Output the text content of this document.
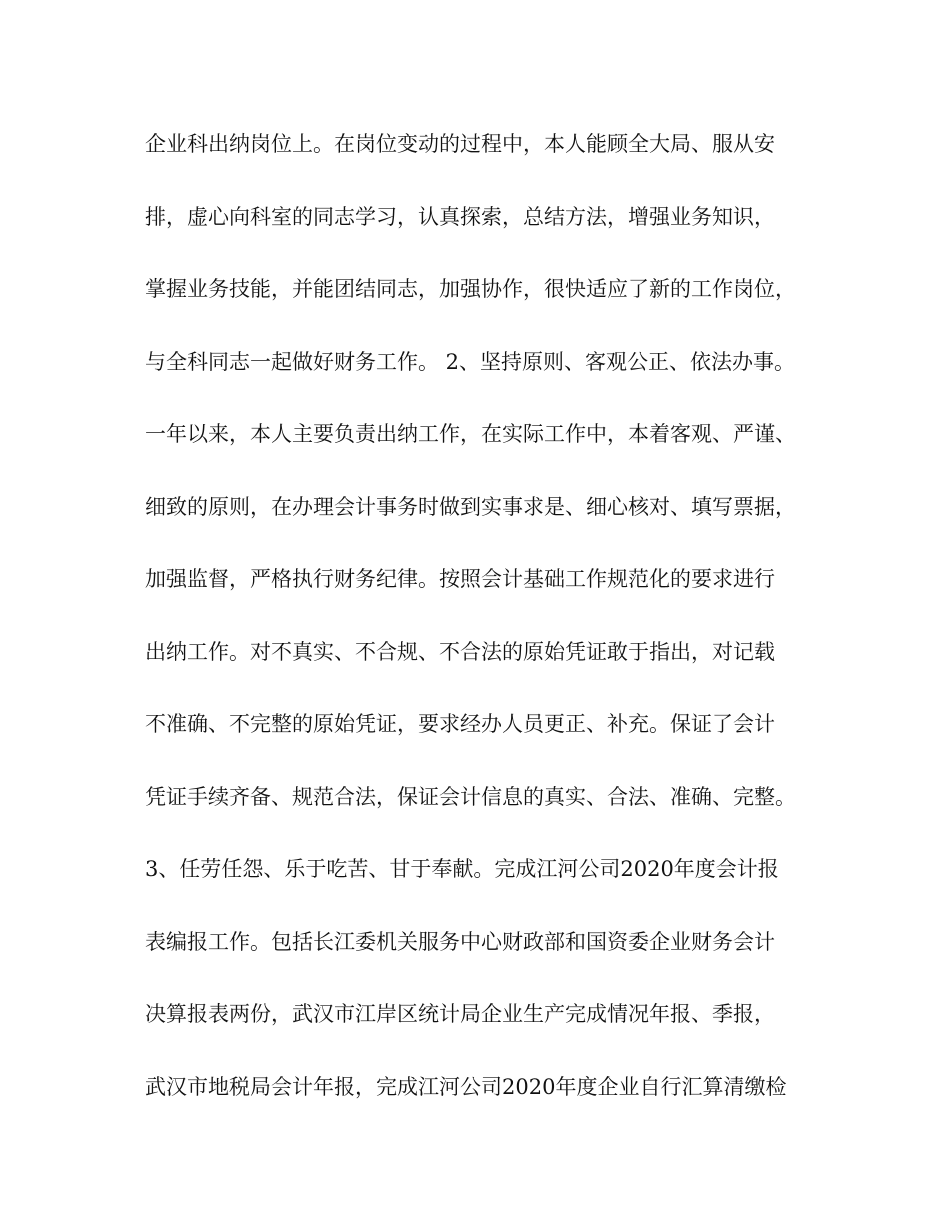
企业科出纳岗位上。在岗位变动的过程中，本人能顾全大局、服从安
排，虚心向科室的同志学习，认真探索，总结方法，增强业务知识，
掌握业务技能，并能团结同志，加强协作，很快适应了新的工作岗位，
与全科同志一起做好财务工作。 2、坚持原则、客观公正、依法办事。
一年以来，本人主要负责出纳工作，在实际工作中，本着客观、严谨、
细致的原则，在办理会计事务时做到实事求是、细心核对、填写票据，
加强监督，严格执行财务纪律。按照会计基础工作规范化的要求进行
出纳工作。对不真实、不合规、不合法的原始凭证敢于指出，对记载
不准确、不完整的原始凭证，要求经办人员更正、补充。保证了会计
凭证手续齐备、规范合法，保证会计信息的真实、合法、准确、完整。
3、任劳任怨、乐于吃苦、甘于奉献。完成江河公司2020年度会计报
表编报工作。包括长江委机关服务中心财政部和国资委企业财务会计
决算报表两份，武汉市江岸区统计局企业生产完成情况年报、季报，
武汉市地税局会计年报，完成江河公司2020年度企业自行汇算清缴检
